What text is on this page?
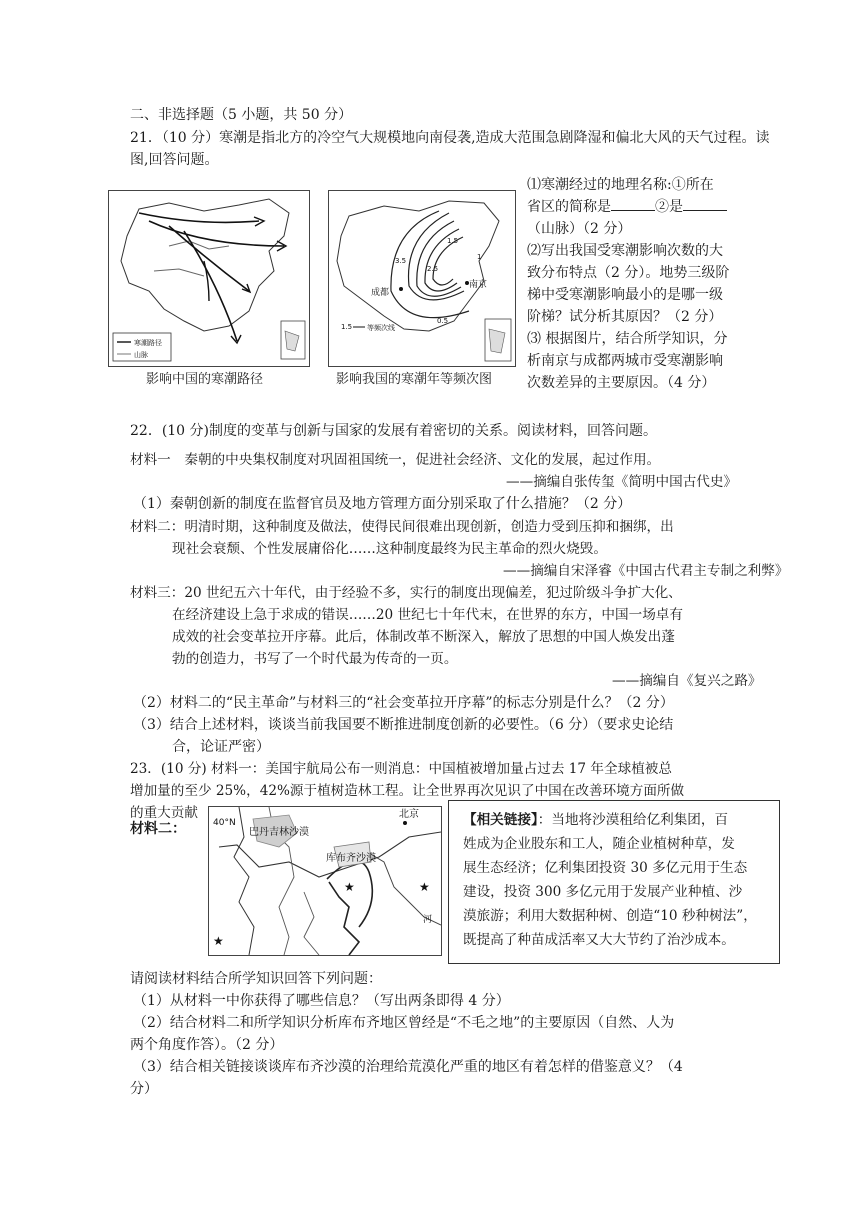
二、非选择题（5 小题，共 50 分）
21．（10 分）寒潮是指北方的冷空气大规模地向南侵袭,造成大范围急剧降湿和偏北大风的天气过程。读
图,回答问题。
寒潮路径
山脉
影响中国的寒潮路径
1.5
3.5
2.5
0.5
1
成都
南京
1.5 等频次线
影响我国的寒潮年等频次图
⑴寒潮经过的地理名称:①所在
省区的简称是	②是
（山脉）（2 分）
⑵写出我国受寒潮影响次数的大
致分布特点（2 分）。地势三级阶
梯中受寒潮影响最小的是哪一级
阶梯？试分析其原因？（2 分）
⑶ 根据图片，结合所学知识，分
析南京与成都两城市受寒潮影响
次数差异的主要原因。（4 分）
22．(10 分)制度的变革与创新与国家的发展有着密切的关系。阅读材料，回答问题。
材料一　秦朝的中央集权制度对巩固祖国统一，促进社会经济、文化的发展，起过作用。
——摘编自张传玺《简明中国古代史》
（1）秦朝创新的制度在监督官员及地方管理方面分别采取了什么措施？（2 分）
材料二：明清时期，这种制度及做法，使得民间很难出现创新，创造力受到压抑和捆绑，出
现社会衰颓、个性发展庸俗化……这种制度最终为民主革命的烈火烧毁。
——摘编自宋泽睿《中国古代君主专制之利弊》
材料三：20 世纪五六十年代，由于经验不多，实行的制度出现偏差，犯过阶级斗争扩大化、
在经济建设上急于求成的错误……20 世纪七十年代末，在世界的东方，中国一场卓有
成效的社会变革拉开序幕。此后，体制改革不断深入，解放了思想的中国人焕发出蓬
勃的创造力，书写了一个时代最为传奇的一页。
——摘编自《复兴之路》
（2）材料二的“民主革命”与材料三的“社会变革拉开序幕”的标志分别是什么？（2 分）
（3）结合上述材料，谈谈当前我国要不断推进制度创新的必要性。（6 分）（要求史论结
合，论证严密）
23．(10 分) 材料一：美国宇航局公布一则消息：中国植被增加量占过去 17 年全球植被总
增加量的至少 25%，42%源于植树造林工程。让全世界再次见识了中国在改善环境方面所做
的重大贡献
材料二：	40°N
巴丹吉林沙漠
库布齐沙漠
北京
河
★
★
★
【相关链接】：当地将沙漠租给亿利集团，百
姓成为企业股东和工人，随企业植树种草，发
展生态经济；亿利集团投资 30 多亿元用于生态
建设，投资 300 多亿元用于发展产业种植、沙
漠旅游；利用大数据种树、创造“10 秒种树法”，
既提高了种苗成活率又大大节约了治沙成本。
请阅读材料结合所学知识回答下列问题：
（1）从材料一中你获得了哪些信息？（写出两条即得 4 分）
（2）结合材料二和所学知识分析库布齐地区曾经是“不毛之地”的主要原因（自然、人为
两个角度作答）。（2 分）
（3）结合相关链接谈谈库布齐沙漠的治理给荒漠化严重的地区有着怎样的借鉴意义？（4
分）
